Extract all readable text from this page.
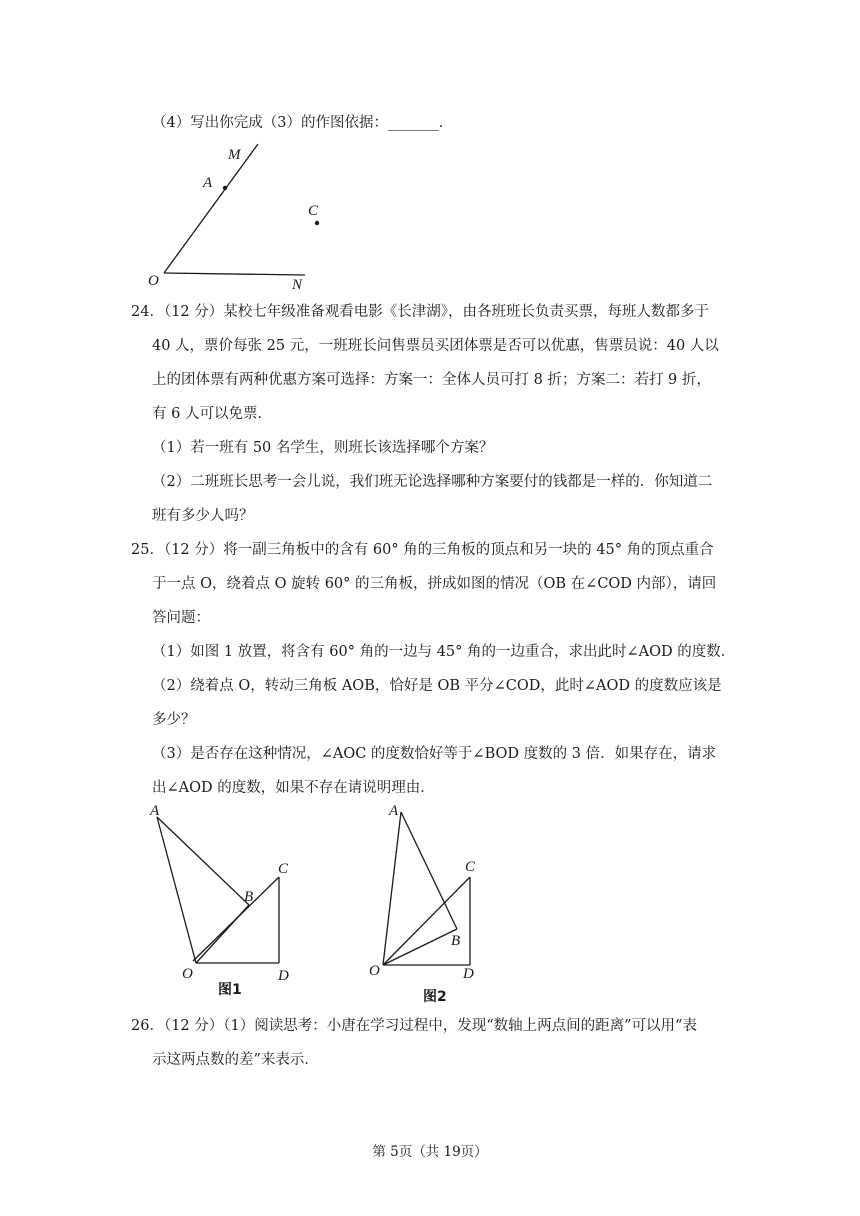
（4）写出你完成（3）的作图依据：_______．
M
A
C
O	N
24．（12 分）某校七年级准备观看电影《长津湖》，由各班班长负责买票，每班人数都多于
40 人，票价每张 25 元，一班班长问售票员买团体票是否可以优惠，售票员说：40 人以
上的团体票有两种优惠方案可选择：方案一：全体人员可打 8 折；方案二：若打 9 折，
有 6 人可以免票．
（1）若一班有 50 名学生，则班长该选择哪个方案？
（2）二班班长思考一会儿说，我们班无论选择哪种方案要付的钱都是一样的．你知道二
班有多少人吗？
25．（12 分）将一副三角板中的含有 60° 角的三角板的顶点和另一块的 45° 角的顶点重合
于一点 O，绕着点 O 旋转 60° 的三角板，拼成如图的情况（OB 在∠COD 内部），请回
答问题：
（1）如图 1 放置，将含有 60° 角的一边与 45° 角的一边重合，求出此时∠AOD 的度数．
（2）绕着点 O，转动三角板 AOB，恰好是 OB 平分∠COD，此时∠AOD 的度数应该是
多少？
（3）是否存在这种情况，∠AOC 的度数恰好等于∠BOD 度数的 3 倍．如果存在，请求
出∠AOD 的度数，如果不存在请说明理由．
A
B
C
O	D
图1
A
B
C
O	D
图2
26．（12 分）（1）阅读思考：小唐在学习过程中，发现“数轴上两点间的距离”可以用“表
示这两点数的差”来表示．
第 5页（共 19页）
